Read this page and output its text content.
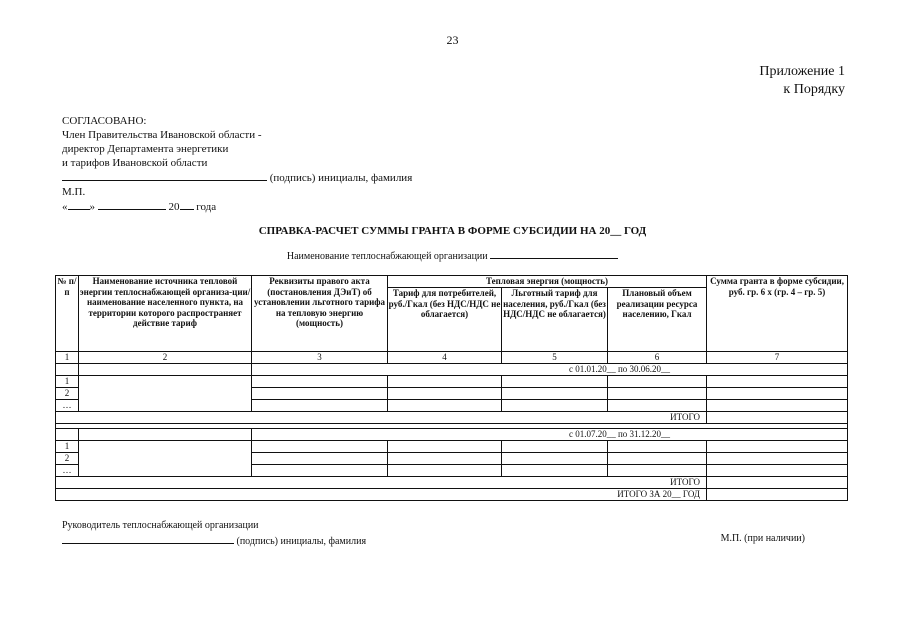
23
Приложение 1
к Порядку
СОГЛАСОВАНО:
Член Правительства Ивановской области -
директор Департамента энергетики
и тарифов Ивановской области
(подпись) инициалы, фамилия
М.П.
« »	20 года
СПРАВКА-РАСЧЕТ СУММЫ ГРАНТА В ФОРМЕ СУБСИДИИ НА 20__ ГОД
Наименование теплоснабжающей организации
№ п/п	Наименование источника тепловой энергии теплоснабжающей организа-ции/наименование населенного пункта, на территории которого распространяет действие тариф	Реквизиты правого акта (постановления ДЭиТ) об установлении льготного тарифа на тепловую энергию (мощность)	Тепловая энергия (мощность)			Сумма гранта в форме субсидии, руб. гр. 6 х (гр. 4 – гр. 5)
			Тариф для потребителей, руб./Гкал (без НДС/НДС не облагается)	Льготный тариф для населения, руб./Гкал (без НДС/НДС не облагается)	Плановый объем реализации ресурса населению, Гкал	
1	2	3	4	5	6	7
		с 01.01.20__ по 30.06.20__				
1						
2						
…						
ИТОГО						

		с 01.07.20__ по 31.12.20__				
1						
2						
…						
ИТОГО						
ИТОГО ЗА 20__ ГОД						
Руководитель теплоснабжающей организации
(подпись) инициалы, фамилия	М.П. (при наличии)
